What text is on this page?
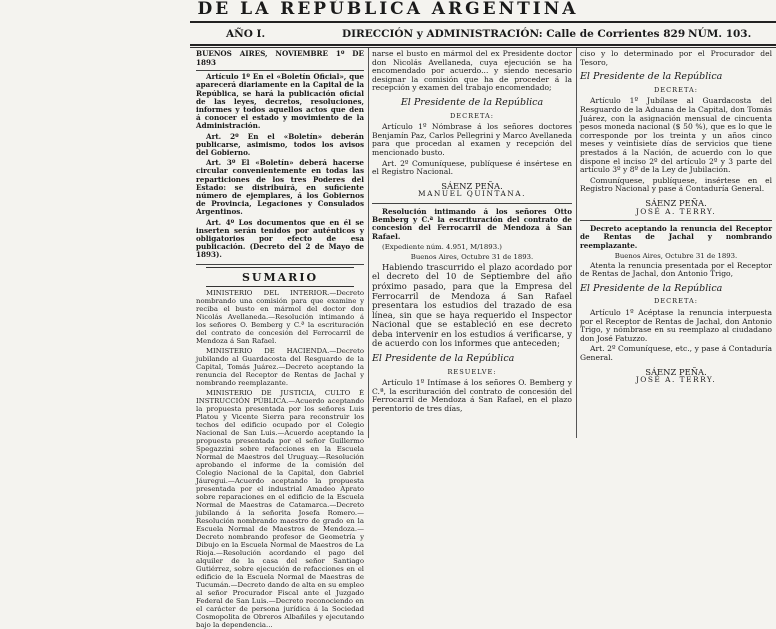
DE LA REPÚBLICA ARGENTINA
AÑO I.	DIRECCIÓN y ADMINISTRACIÓN: Calle de Corrientes 829 NÚM. 103.

BUENOS AIRES, NOVIEMBRE 1º DE 1893

Artículo 1º En el «Boletín Oficial», que aparecerá diariamente en la Capital de la República, se hará la publicación oficial de las leyes, decretos, resoluciones, informes y todos aquellos actos que den á conocer el estado y movimiento de la Administración.

Art. 2º En el «Boletín» deberán publicarse, asimismo, todos los avisos del Gobierno.

Art. 3º El «Boletín» deberá hacerse circular convenientemente en todas las reparticiones de los tres Poderes del Estado: se distribuirá, en suficiente número de ejemplares, á los Gobiernos de Provincia, Legaciones y Consulados Argentinos.

Art. 4º Los documentos que en él se inserten serán tenidos por auténticos y obligatorios por efecto de esa publicación. (Decreto del 2 de Mayo de 1893).

SUMARIO

MINISTERIO DEL INTERIOR.—Decreto nombrando una comisión para que examine y reciba el busto en mármol del doctor don Nicolás Avellaneda.—Resolución intimando á los señores O. Bemberg y C.ª la escrituración del contrato de concesión del Ferrocarril de Mendoza á San Rafael.

MINISTERIO DE HACIENDA.—Decreto jubilando al Guardacosta del Resguardo de la Capital, Tomás Juárez.—Decreto aceptando la renuncia del Receptor de Rentas de Jachal y nombrando reemplazante.

MINISTERIO DE JUSTICIA, CULTO É INSTRUCCIÓN PÚBLICA.—Acuerdo aceptando la propuesta presentada por los señores Luis Platou y Vicente Sierra para reconstruir los techos del edificio ocupado por el Colegio Nacional de San Luis.—Acuerdo aceptando la propuesta presentada por el señor Guillermo Spegazzini sobre refacciones en la Escuela Normal de Maestros del Uruguay.—Resolución aprobando el informe de la comisión del Colegio Nacional de la Capital, don Gabriel Jáuregui.—Acuerdo aceptando la propuesta presentada por el industrial Amadeo Aprato sobre reparaciones en el edificio de la Escuela Normal de Maestras de Catamarca.—Decreto jubilando á la señorita Josefa Romero.—Resolución nombrando maestro de grado en la Escuela Normal de Maestros de Mendoza.—Decreto nombrando profesor de Geometría y Dibujo en la Escuela Normal de Maestros de La Rioja.—Resolución acordando el pago del alquiler de la casa del señor Santiago Gutiérrez, sobre ejecución de refacciones en el edificio de la Escuela Normal de Maestras de Tucumán.—Decreto dando de alta en su empleo al señor Procurador Fiscal ante el Juzgado Federal de San Luis.—Decreto reconociendo en el carácter de persona jurídica á la Sociedad Cosmopolita de Obreros Albañiles y ejecutando bajo la dependencia...

narse el busto en mármol del ex Presidente doctor don Nicolás Avellaneda, cuya ejecución se ha encomendado por acuerdo... y siendo necesario designar la comisión que ha de proceder á la recepción y examen del trabajo encomendado;

El Presidente de la República
DECRETA:

Artículo 1º Nómbrase á los señores doctores Benjamín Paz, Carlos Pellegrini y Marco Avellaneda para que procedan al examen y recepción del mencionado busto.

Art. 2º Comuníquese, publíquese é insértese en el Registro Nacional.

SÁENZ PEÑA.
MANUEL QUINTANA.

Resolución intimando á los señores Otto Bemberg y C.ª la escrituración del contrato de concesión del Ferrocarril de Mendoza á San Rafael.

(Expediente núm. 4.951, M/1893.)

Buenos Aires, Octubre 31 de 1893.

Habiendo trascurrido el plazo acordado por el decreto del 10 de Septiembre del año próximo pasado, para que la Empresa del Ferrocarril de Mendoza á San Rafael presentara los estudios del trazado de esa línea, sin que se haya requerido el Inspector Nacional que se estableció en ese decreto deba intervenir en los estudios á verificarse, y de acuerdo con los informes que anteceden;

El Presidente de la República
RESUELVE:

Artículo 1º Intímase á los señores O. Bemberg y C.ª, la escrituración del contrato de concesión del Ferrocarril de Mendoza á San Rafael, en el plazo perentorio de tres días,

ciso y lo determinado por el Procurador del Tesoro,

El Presidente de la República
DECRETA:

Artículo 1º Jubílase al Guardacosta del Resguardo de la Aduana de la Capital, don Tomás Juárez, con la asignación mensual de cincuenta pesos moneda nacional ($ 50 %), que es lo que le corresponde por los treinta y un años cinco meses y veintisiete días de servicios que tiene prestados á la Nación, de acuerdo con lo que dispone el inciso 2º del artículo 2º y 3 parte del artículo 3º y 8º de la Ley de Jubilación.

Comuníquese, publíquese, insértese en el Registro Nacional y pase á Contaduría General.

SÁENZ PEÑA.
JOSÉ A. TERRY.

Decreto aceptando la renuncia del Receptor de Rentas de Jachal y nombrando reemplazante.

Buenos Aires, Octubre 31 de 1893.

Atenta la renuncia presentada por el Receptor de Rentas de Jachal, don Antonio Trigo,

El Presidente de la República
DECRETA:

Artículo 1º Acéptase la renuncia interpuesta por el Receptor de Rentas de Jachal, don Antonio Trigo, y nómbrase en su reemplazo al ciudadano don José Fatuzzo.

Art. 2º Comuníquese, etc., y pase á Contaduría General.

SÁENZ PEÑA.
JOSÉ A. TERRY.
